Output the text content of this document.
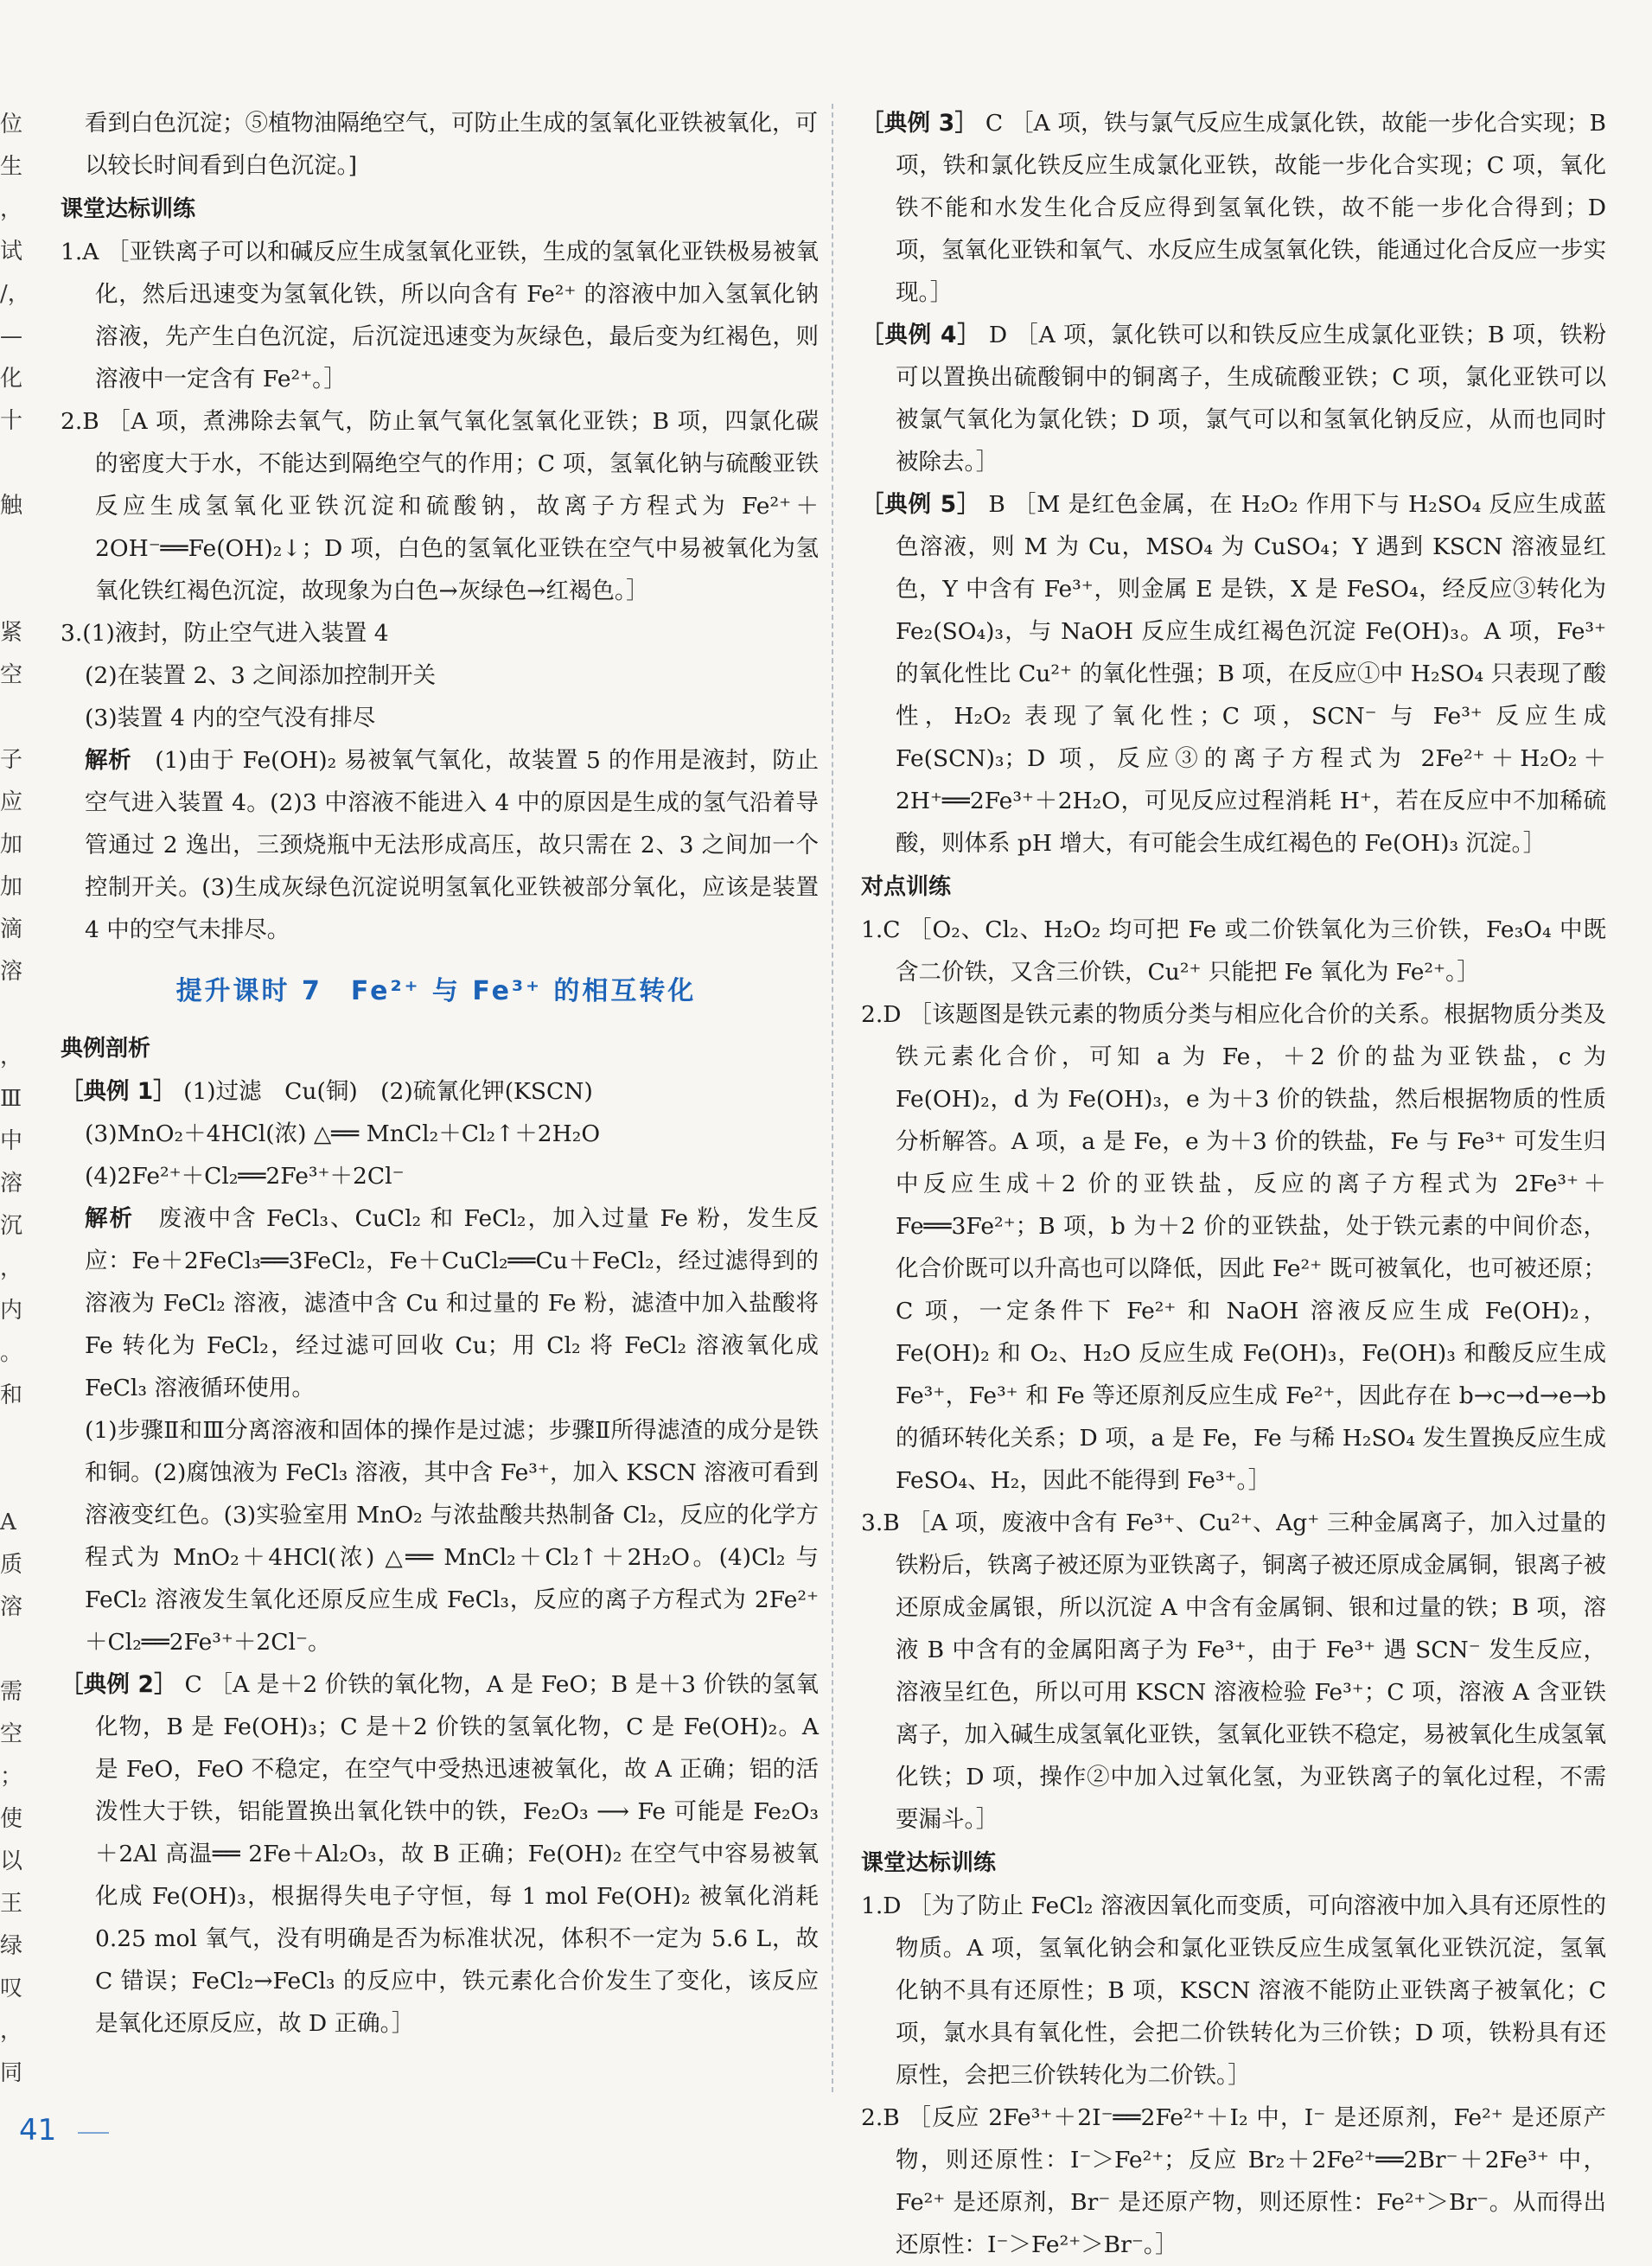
位
生
，
试
/，
—
化
十
触
紧
空
子
应
加
加
滴
溶
，
Ⅲ
中
溶
沉
，
内
。
和
A
质
溶
需
空
；
使
以
王
绿
叹
，
同

看到白色沉淀；⑤植物油隔绝空气，可防止生成的氢氧化亚铁被氧化，可

以较长时间看到白色沉淀。]

课堂达标训练

1.A ［亚铁离子可以和碱反应生成氢氧化亚铁，生成的氢氧化亚铁极易被氧化，然后迅速变为氢氧化铁，所以向含有 Fe²⁺ 的溶液中加入氢氧化钠溶液，先产生白色沉淀，后沉淀迅速变为灰绿色，最后变为红褐色，则溶液中一定含有 Fe²⁺。］

2.B ［A 项，煮沸除去氧气，防止氧气氧化氢氧化亚铁；B 项，四氯化碳的密度大于水，不能达到隔绝空气的作用；C 项，氢氧化钠与硫酸亚铁反应生成氢氧化亚铁沉淀和硫酸钠，故离子方程式为 Fe²⁺＋2OH⁻══Fe(OH)₂↓；D 项，白色的氢氧化亚铁在空气中易被氧化为氢氧化铁红褐色沉淀，故现象为白色→灰绿色→红褐色。］

3.(1)液封，防止空气进入装置 4

(2)在装置 2、3 之间添加控制开关

(3)装置 4 内的空气没有排尽

解析　 (1)由于 Fe(OH)₂ 易被氧气氧化，故装置 5 的作用是液封，防止空气进入装置 4。(2)3 中溶液不能进入 4 中的原因是生成的氢气沿着导管通过 2 逸出，三颈烧瓶中无法形成高压，故只需在 2、3 之间加一个控制开关。(3)生成灰绿色沉淀说明氢氧化亚铁被部分氧化，应该是装置 4 中的空气未排尽。

提升课时 7　Fe²⁺ 与 Fe³⁺ 的相互转化

典例剖析

［典例 1］ (1)过滤　Cu(铜)　(2)硫氰化钾(KSCN)

(3)MnO₂＋4HCl(浓) △══ MnCl₂＋Cl₂↑＋2H₂O

(4)2Fe²⁺＋Cl₂══2Fe³⁺＋2Cl⁻

解析　 废液中含 FeCl₃、CuCl₂ 和 FeCl₂，加入过量 Fe 粉，发生反应：Fe＋2FeCl₃══3FeCl₂，Fe＋CuCl₂══Cu＋FeCl₂，经过滤得到的溶液为 FeCl₂ 溶液，滤渣中含 Cu 和过量的 Fe 粉，滤渣中加入盐酸将 Fe 转化为 FeCl₂，经过滤可回收 Cu；用 Cl₂ 将 FeCl₂ 溶液氧化成 FeCl₃ 溶液循环使用。

(1)步骤Ⅱ和Ⅲ分离溶液和固体的操作是过滤；步骤Ⅱ所得滤渣的成分是铁和铜。(2)腐蚀液为 FeCl₃ 溶液，其中含 Fe³⁺，加入 KSCN 溶液可看到溶液变红色。(3)实验室用 MnO₂ 与浓盐酸共热制备 Cl₂，反应的化学方程式为 MnO₂＋4HCl(浓) △══ MnCl₂＋Cl₂↑＋2H₂O。(4)Cl₂ 与 FeCl₂ 溶液发生氧化还原反应生成 FeCl₃，反应的离子方程式为 2Fe²⁺＋Cl₂══2Fe³⁺＋2Cl⁻。

［典例 2］ C ［A 是＋2 价铁的氧化物，A 是 FeO；B 是＋3 价铁的氢氧化物，B 是 Fe(OH)₃；C 是＋2 价铁的氢氧化物，C 是 Fe(OH)₂。A 是 FeO，FeO 不稳定，在空气中受热迅速被氧化，故 A 正确；铝的活泼性大于铁，铝能置换出氧化铁中的铁，Fe₂O₃ ⟶ Fe 可能是 Fe₂O₃＋2Al 高温══ 2Fe＋Al₂O₃，故 B 正确；Fe(OH)₂ 在空气中容易被氧化成 Fe(OH)₃，根据得失电子守恒，每 1 mol Fe(OH)₂ 被氧化消耗 0.25 mol 氧气，没有明确是否为标准状况，体积不一定为 5.6 L，故 C 错误；FeCl₂→FeCl₃ 的反应中，铁元素化合价发生了变化，该反应是氧化还原反应，故 D 正确。］

［典例 3］ C ［A 项，铁与氯气反应生成氯化铁，故能一步化合实现；B 项，铁和氯化铁反应生成氯化亚铁，故能一步化合实现；C 项，氧化铁不能和水发生化合反应得到氢氧化铁，故不能一步化合得到；D 项，氢氧化亚铁和氧气、水反应生成氢氧化铁，能通过化合反应一步实现。］

［典例 4］ D ［A 项，氯化铁可以和铁反应生成氯化亚铁；B 项，铁粉可以置换出硫酸铜中的铜离子，生成硫酸亚铁；C 项，氯化亚铁可以被氯气氧化为氯化铁；D 项，氯气可以和氢氧化钠反应，从而也同时被除去。］

［典例 5］ B ［M 是红色金属，在 H₂O₂ 作用下与 H₂SO₄ 反应生成蓝色溶液，则 M 为 Cu，MSO₄ 为 CuSO₄；Y 遇到 KSCN 溶液显红色，Y 中含有 Fe³⁺，则金属 E 是铁，X 是 FeSO₄，经反应③转化为 Fe₂(SO₄)₃，与 NaOH 反应生成红褐色沉淀 Fe(OH)₃。A 项，Fe³⁺ 的氧化性比 Cu²⁺ 的氧化性强；B 项，在反应①中 H₂SO₄ 只表现了酸性，H₂O₂ 表现了氧化性；C 项，SCN⁻ 与 Fe³⁺ 反应生成 Fe(SCN)₃；D 项，反应③的离子方程式为 2Fe²⁺＋H₂O₂＋2H⁺══2Fe³⁺＋2H₂O，可见反应过程消耗 H⁺，若在反应中不加稀硫酸，则体系 pH 增大，有可能会生成红褐色的 Fe(OH)₃ 沉淀。］

对点训练

1.C ［O₂、Cl₂、H₂O₂ 均可把 Fe 或二价铁氧化为三价铁，Fe₃O₄ 中既含二价铁，又含三价铁，Cu²⁺ 只能把 Fe 氧化为 Fe²⁺。］

2.D ［该题图是铁元素的物质分类与相应化合价的关系。根据物质分类及铁元素化合价，可知 a 为 Fe，＋2 价的盐为亚铁盐，c 为 Fe(OH)₂，d 为 Fe(OH)₃，e 为＋3 价的铁盐，然后根据物质的性质分析解答。A 项，a 是 Fe，e 为＋3 价的铁盐，Fe 与 Fe³⁺ 可发生归中反应生成＋2 价的亚铁盐，反应的离子方程式为 2Fe³⁺＋Fe══3Fe²⁺；B 项，b 为＋2 价的亚铁盐，处于铁元素的中间价态，化合价既可以升高也可以降低，因此 Fe²⁺ 既可被氧化，也可被还原；C 项，一定条件下 Fe²⁺ 和 NaOH 溶液反应生成 Fe(OH)₂，Fe(OH)₂ 和 O₂、H₂O 反应生成 Fe(OH)₃，Fe(OH)₃ 和酸反应生成 Fe³⁺，Fe³⁺ 和 Fe 等还原剂反应生成 Fe²⁺，因此存在 b→c→d→e→b 的循环转化关系；D 项，a 是 Fe，Fe 与稀 H₂SO₄ 发生置换反应生成 FeSO₄、H₂，因此不能得到 Fe³⁺。］

3.B ［A 项，废液中含有 Fe³⁺、Cu²⁺、Ag⁺ 三种金属离子，加入过量的铁粉后，铁离子被还原为亚铁离子，铜离子被还原成金属铜，银离子被还原成金属银，所以沉淀 A 中含有金属铜、银和过量的铁；B 项，溶液 B 中含有的金属阳离子为 Fe³⁺，由于 Fe³⁺ 遇 SCN⁻ 发生反应，溶液呈红色，所以可用 KSCN 溶液检验 Fe³⁺；C 项，溶液 A 含亚铁离子，加入碱生成氢氧化亚铁，氢氧化亚铁不稳定，易被氧化生成氢氧化铁；D 项，操作②中加入过氧化氢，为亚铁离子的氧化过程，不需要漏斗。］

课堂达标训练

1.D ［为了防止 FeCl₂ 溶液因氧化而变质，可向溶液中加入具有还原性的物质。A 项，氢氧化钠会和氯化亚铁反应生成氢氧化亚铁沉淀，氢氧化钠不具有还原性；B 项，KSCN 溶液不能防止亚铁离子被氧化；C 项，氯水具有氧化性，会把二价铁转化为三价铁；D 项，铁粉具有还原性，会把三价铁转化为二价铁。］

2.B ［反应 2Fe³⁺＋2I⁻══2Fe²⁺＋I₂ 中，I⁻ 是还原剂，Fe²⁺ 是还原产物，则还原性：I⁻＞Fe²⁺；反应 Br₂＋2Fe²⁺══2Br⁻＋2Fe³⁺ 中，Fe²⁺ 是还原剂，Br⁻ 是还原产物，则还原性：Fe²⁺＞Br⁻。从而得出还原性：I⁻＞Fe²⁺＞Br⁻。］

41
